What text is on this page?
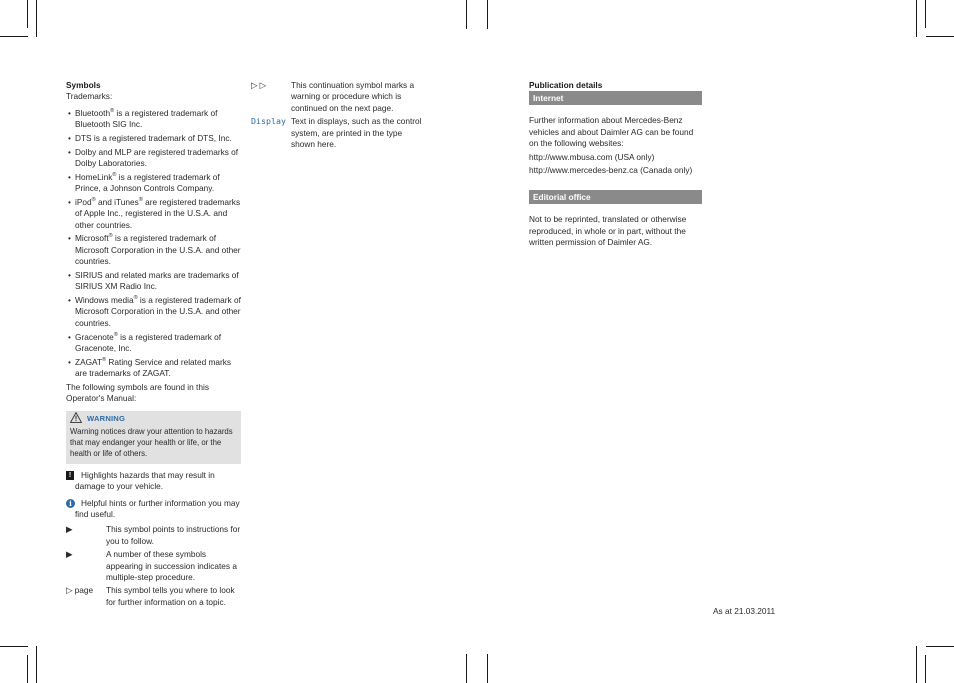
Symbols
Trademarks:
• Bluetooth® is a registered trademark of Bluetooth SIG Inc.
• DTS is a registered trademark of DTS, Inc.
• Dolby and MLP are registered trademarks of Dolby Laboratories.
• HomeLink® is a registered trademark of Prince, a Johnson Controls Company.
• iPod® and iTunes® are registered trademarks of Apple Inc., registered in the U.S.A. and other countries.
• Microsoft® is a registered trademark of Microsoft Corporation in the U.S.A. and other countries.
• SIRIUS and related marks are trademarks of SIRIUS XM Radio Inc.
• Windows media® is a registered trademark of Microsoft Corporation in the U.S.A. and other countries.
• Gracenote® is a registered trademark of Gracenote, Inc.
• ZAGAT® Rating Service and related marks are trademarks of ZAGAT.
The following symbols are found in this Operator's Manual:
WARNING
Warning notices draw your attention to hazards that may endanger your health or life, or the health or life of others.
!	Highlights hazards that may result in damage to your vehicle.
i	Helpful hints or further information you may find useful.
▶	This symbol points to instructions for you to follow.
▶	A number of these symbols appearing in succession indicates a multiple-step procedure.
▷ page	This symbol tells you where to look for further information on a topic.
▷ ▷	This continuation symbol marks a warning or procedure which is continued on the next page.
Display Text in displays, such as the control system, are printed in the type shown here.
Publication details
Internet
Further information about Mercedes-Benz vehicles and about Daimler AG can be found on the following websites:
http://www.mbusa.com (USA only)
http://www.mercedes-benz.ca (Canada only)
Editorial office
Not to be reprinted, translated or otherwise reproduced, in whole or in part, without the written permission of Daimler AG.
As at 21.03.2011
